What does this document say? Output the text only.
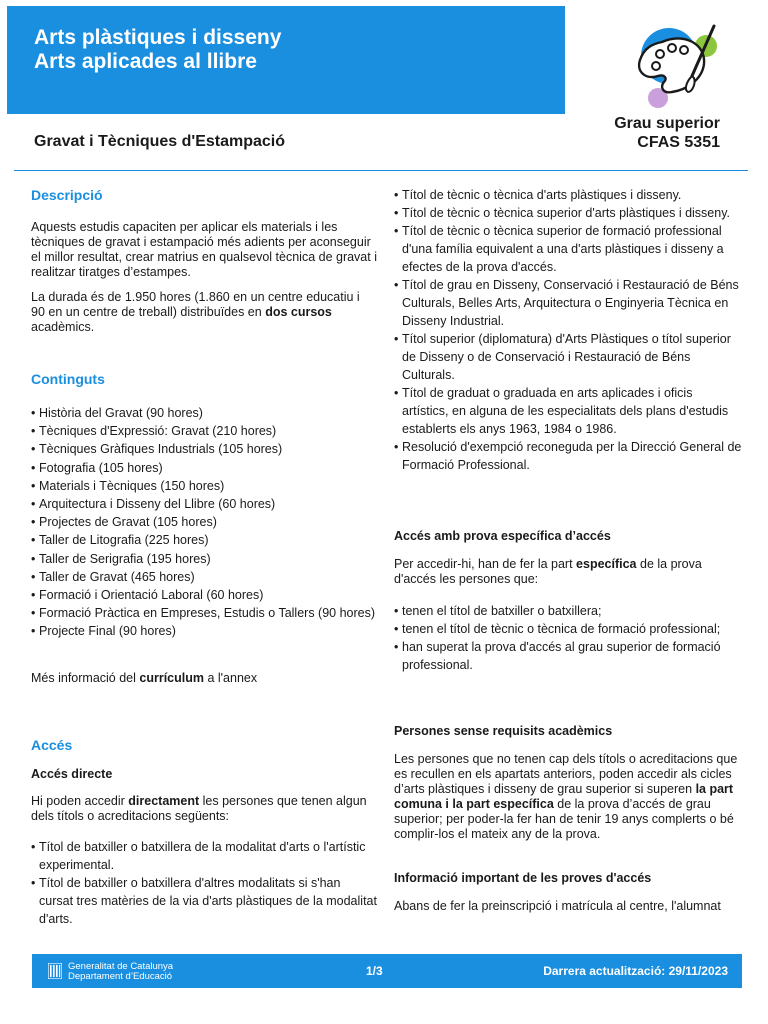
Arts plàstiques i disseny
Arts aplicades al llibre
Gravat i Tècniques d'Estampació
Grau superior
CFAS 5351
Descripció

Aquests estudis capaciten per aplicar els materials i les tècniques de gravat i estampació més adients per aconseguir el millor resultat, crear matrius en qualsevol tècnica de gravat i realitzar tiratges d’estampes.

La durada és de 1.950 hores (1.860 en un centre educatiu i 90 en un centre de treball) distribuïdes en dos cursos acadèmics.

Continguts
• Història del Gravat (90 hores)
• Tècniques d'Expressió: Gravat (210 hores)
• Tècniques Gràfiques Industrials (105 hores)
• Fotografia (105 hores)
• Materials i Tècniques (150 hores)
• Arquitectura i Disseny del Llibre (60 hores)
• Projectes de Gravat (105 hores)
• Taller de Litografia (225 hores)
• Taller de Serigrafia (195 hores)
• Taller de Gravat (465 hores)
• Formació i Orientació Laboral (60 hores)
• Formació Pràctica en Empreses, Estudis o Tallers (90 hores)
• Projecte Final (90 hores)

Més informació del currículum a l'annex

Accés
Accés directe

Hi poden accedir directament les persones que tenen algun dels títols o acreditacions següents:

• Títol de batxiller o batxillera de la modalitat d'arts o l'artístic experimental.
• Títol de batxiller o batxillera d'altres modalitats si s'han cursat tres matèries de la via d'arts plàstiques de la modalitat d'arts.
• Títol de tècnic o tècnica d'arts plàstiques i disseny.
• Títol de tècnic o tècnica superior d'arts plàstiques i disseny.
• Títol de tècnic o tècnica superior de formació professional d'una família equivalent a una d'arts plàstiques i disseny a efectes de la prova d'accés.
• Títol de grau en Disseny, Conservació i Restauració de Béns Culturals, Belles Arts, Arquitectura o Enginyeria Tècnica en Disseny Industrial.
• Títol superior (diplomatura) d'Arts Plàstiques o títol superior de Disseny o de Conservació i Restauració de Béns Culturals.
• Títol de graduat o graduada en arts aplicades i oficis artístics, en alguna de les especialitats dels plans d'estudis establerts els anys 1963, 1984 o 1986.
• Resolució d'exempció reconeguda per la Direcció General de Formació Professional.
Accés amb prova específica d’accés

Per accedir-hi, han de fer la part específica de la prova d'accés les persones que:

• tenen el títol de batxiller o batxillera;
• tenen el títol de tècnic o tècnica de formació professional;
• han superat la prova d'accés al grau superior de formació professional.
Persones sense requisits acadèmics

Les persones que no tenen cap dels títols o acreditacions que es recullen en els apartats anteriors, poden accedir als cicles d’arts plàstiques i disseny de grau superior si superen la part comuna i la part específica de la prova d’accés de grau superior; per poder-la fer han de tenir 19 anys complerts o bé complir-los el mateix any de la prova.

Informació important de les proves d'accés

Abans de fer la preinscripció i matrícula al centre, l'alumnat

Generalitat de Catalunya
Departament d’Educació	1/3	Darrera actualització: 29/11/2023
